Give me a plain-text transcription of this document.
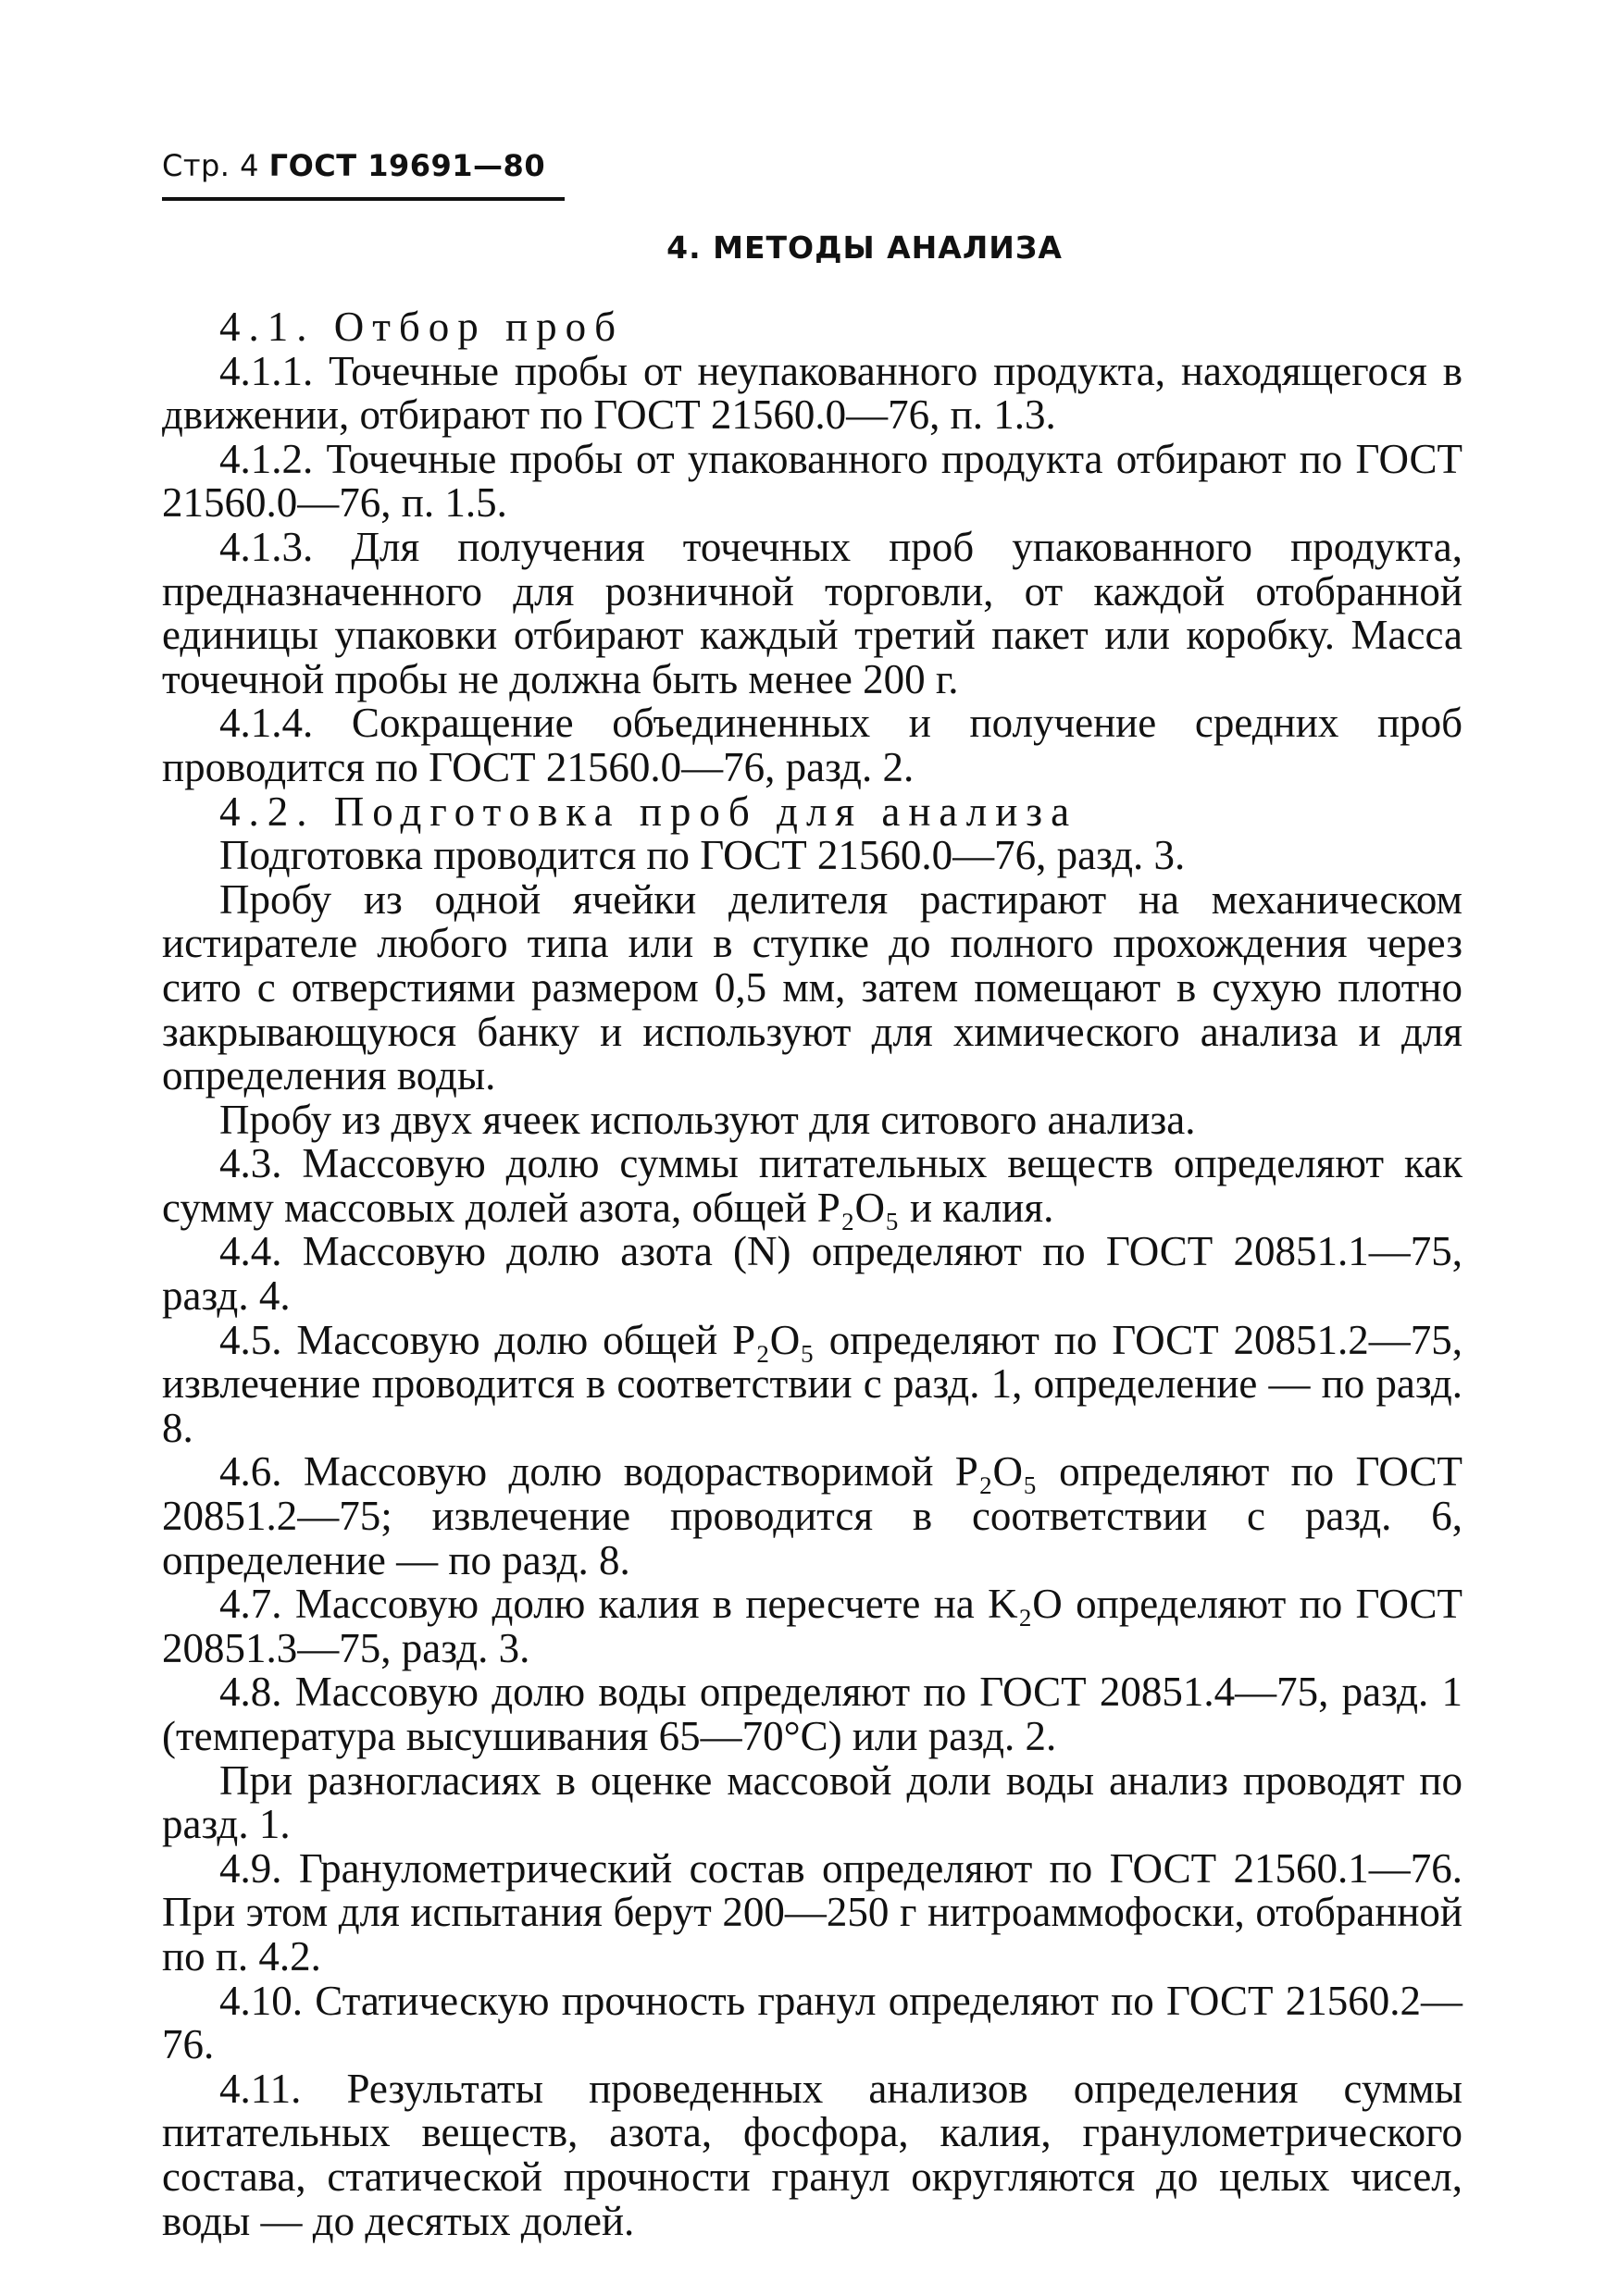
Стр. 4 ГОСТ 19691—80
4. МЕТОДЫ АНАЛИЗА

4.1. Отбор проб

4.1.1. Точечные пробы от неупакованного продукта, находящегося в движении, отбирают по ГОСТ 21560.0—76, п. 1.3.

4.1.2. Точечные пробы от упакованного продукта отбирают по ГОСТ 21560.0—76, п. 1.5.

4.1.3. Для получения точечных проб упакованного продукта, предназначенного для розничной торговли, от каждой отобранной единицы упаковки отбирают каждый третий пакет или коробку. Масса точечной пробы не должна быть менее 200 г.

4.1.4. Сокращение объединенных и получение средних проб проводится по ГОСТ 21560.0—76, разд. 2.

4.2. Подготовка проб для анализа

Подготовка проводится по ГОСТ 21560.0—76, разд. 3.

Пробу из одной ячейки делителя растирают на механическом истирателе любого типа или в ступке до полного прохождения через сито с отверстиями размером 0,5 мм, затем помещают в сухую плотно закрывающуюся банку и используют для химического анализа и для определения воды.

Пробу из двух ячеек используют для ситового анализа.

4.3. Массовую долю суммы питательных веществ определяют как сумму массовых долей азота, общей P₂O₅ и калия.

4.4. Массовую долю азота (N) определяют по ГОСТ 20851.1—75, разд. 4.

4.5. Массовую долю общей P₂O₅ определяют по ГОСТ 20851.2—75, извлечение проводится в соответствии с разд. 1, определение — по разд. 8.

4.6. Массовую долю водорастворимой P₂O₅ определяют по ГОСТ 20851.2—75; извлечение проводится в соответствии с разд. 6, определение — по разд. 8.

4.7. Массовую долю калия в пересчете на K₂O определяют по ГОСТ 20851.3—75, разд. 3.

4.8. Массовую долю воды определяют по ГОСТ 20851.4—75, разд. 1 (температура высушивания 65—70°С) или разд. 2.

При разногласиях в оценке массовой доли воды анализ проводят по разд. 1.

4.9. Гранулометрический состав определяют по ГОСТ 21560.1—76. При этом для испытания берут 200—250 г нитроаммофоски, отобранной по п. 4.2.

4.10. Статическую прочность гранул определяют по ГОСТ 21560.2—76.

4.11. Результаты проведенных анализов определения суммы питательных веществ, азота, фосфора, калия, гранулометрического состава, статической прочности гранул округляются до целых чисел, воды — до десятых долей.
